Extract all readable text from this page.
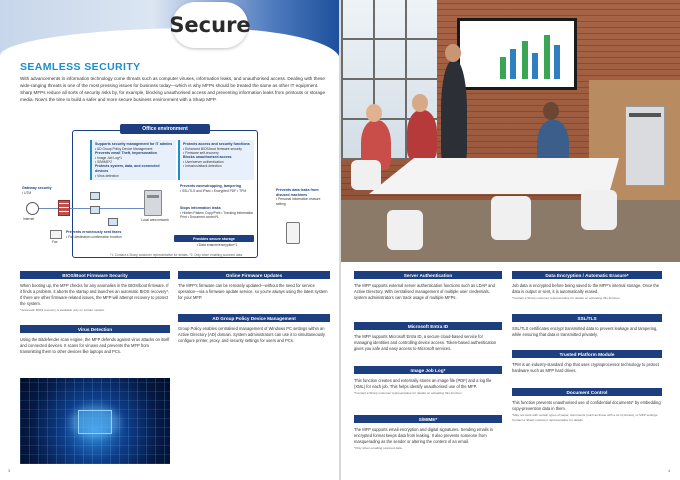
Secure
SEAMLESS SECURITY
With advancements in information technology come threats such as computer viruses, information leaks, and unauthorised access. Dealing with these wide-ranging threats is one of the most pressing issues for business today—which is why MFPs should be treated the same as other IT equipment. Sharp MFPs reduce all sorts of security risks by, for example, blocking unauthorised access and preventing information leaks from printouts or storage media. Now's the time to build a safer and more secure business environment with a Sharp MFP.
Office environment
Supports security management for IT admins
• AD Group Policy Device Management
Prevents email Theft, Impersonation
• Image Job Log*1
• S/MIME*2
Protects system, data, and connected devices
• Virus detection
Protects access and security functions
• Enhanced BIOS/boot firmware security
• Firmware self-recovery
Blocks unauthorised access
• User/server authentication
• Intrusion/attack detection
Internet
Gateway security
• UTM
Fax
Local area network
Prevents eavesdropping, tampering
• SSL/TLS and IPsec • Encrypted PDF • TPM
Stops information leaks
• Hidden Pattern Copy/Print • Tracking Information Print • Document control*1
Prevents data leaks from disused machines
• Personal information erasure setting
Provides secure storage
• Data erasure/encryption*1
Prevents erroneously sent faxes
• Fax destination confirmation function
*1: Contact a Sharp customer representative for details. *2: Only when emailing scanned data.
BIOS/Boot Firmware Security
When booting up, the MFP checks for any anomalies in the BIOS/boot firmware. If it finds a problem, it aborts the startup and launches an automatic BIOS recovery*. If there are other firmware-related issues, the MFP will attempt recovery to protect the system.
*Automatic BIOS recovery is available only on certain models.
Virus Detection
Using the Bitdefender scan engine, the MFP defends against virus attacks on itself and connected devices. It scans for viruses and prevents the MFP from transmitting them to other devices like laptops and PCs.
Online Firmware Updates
The MFP's firmware can be remotely updated—without the need for service operation—via a firmware update service, so you're always using the latest system for your MFP.
AD Group Policy Device Management
Group Policy enables centralised management of Windows PC settings within an Active Directory (AD) domain. System administrators can use it to simultaneously configure printer, proxy, and security settings for users and PCs.
3
Server Authentication
The MFP supports external server authentication functions such as LDAP and Active Directory. With centralised management of multiple user credentials, system administrators can track usage of multiple MFPs.
Microsoft Entra ID
The MFP supports Microsoft Entra ID, a secure cloud-based service for managing identities and controlling device access. Token-based authentication gives you safe and easy access to Microsoft services.
Image Job Log*
This function creates and externally stores an image file (PDF) and a log file (XML) for each job. This helps identify unauthorised use of the MFP.
*Contact a Sharp customer representative for details on activating this function.
S/MIME*
The MFP supports email encryption and digital signatures. Sending emails in encrypted format keeps data from leaking. It also prevents someone from masquerading as the sender or altering the content of an email.
*Only when emailing scanned data.
Data Encryption / Automatic Erasure*
Job data is encrypted before being saved to the MFP's internal storage. Once the data is output or sent, it is automatically erased.
*Contact a Sharp customer representative for details on activating this function.
SSL/TLS
SSL/TLS certificates encrypt transmitted data to prevent leakage and tampering, while ensuring that data is transmitted privately.
Trusted Platform Module
TPM is an industry-standard chip that uses cryptoprocessor technology to protect hardware such as MFP hard drives.
Document Control
This function prevents unauthorised use of confidential documents* by embedding copy-prevention data in them.
*May not work with certain types of paper, documents (such as those with a lot of photos), or MFP settings. Contact a Sharp customer representative for details.
4
